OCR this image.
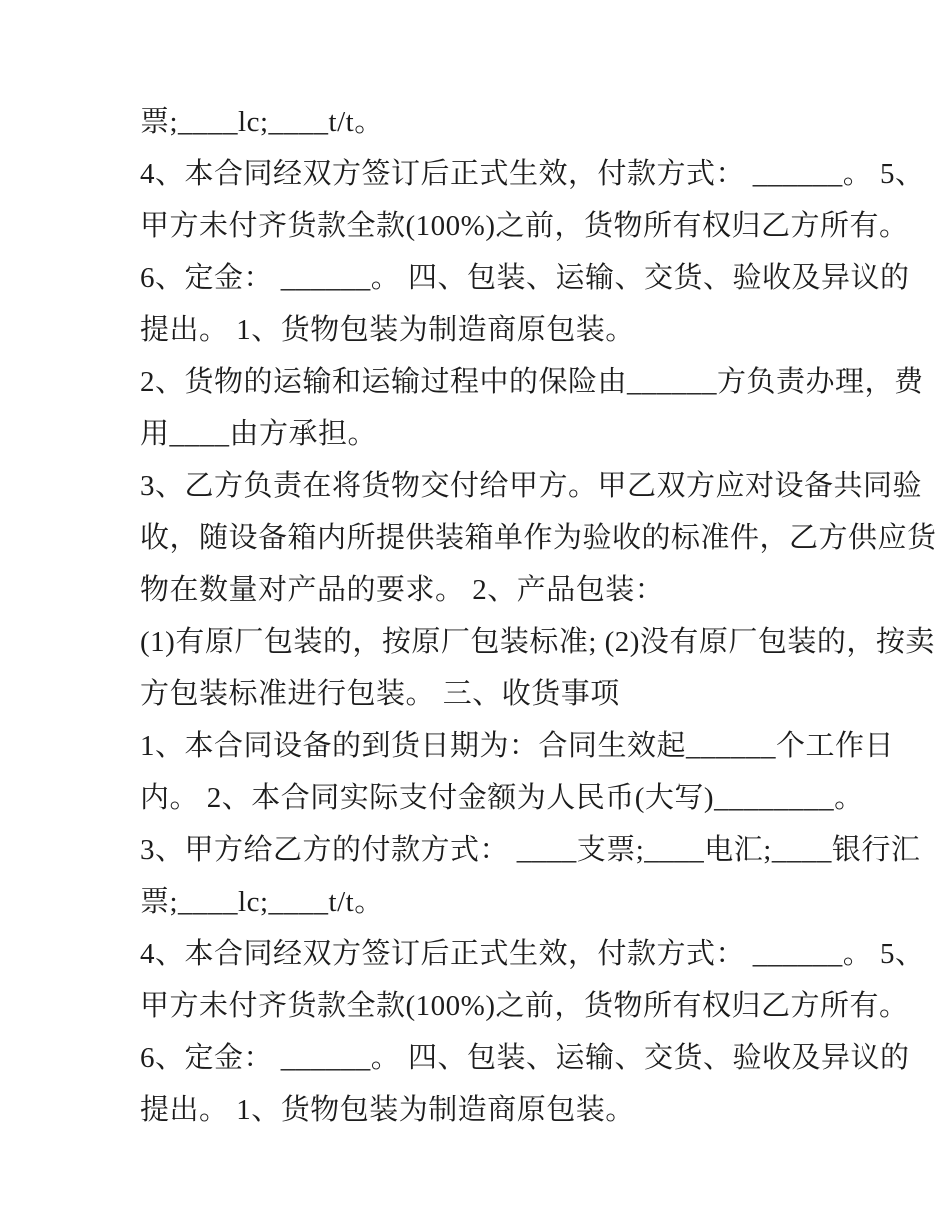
票;____lc;____t/t。
4、本合同经双方签订后正式生效，付款方式： ______。 5、
甲方未付齐货款全款(100%)之前，货物所有权归乙方所有。
6、定金： ______。 四、包装、运输、交货、验收及异议的
提出。 1、货物包装为制造商原包装。
2、货物的运输和运输过程中的保险由______方负责办理，费
用____由方承担。
3、乙方负责在将货物交付给甲方。甲乙双方应对设备共同验
收，随设备箱内所提供装箱单作为验收的标准件，乙方供应货
物在数量对产品的要求。 2、产品包装：
(1)有原厂包装的，按原厂包装标准; (2)没有原厂包装的，按卖
方包装标准进行包装。 三、收货事项
1、本合同设备的到货日期为：合同生效起______个工作日
内。 2、本合同实际支付金额为人民币(大写)________。
3、甲方给乙方的付款方式： ____支票;____电汇;____银行汇
票;____lc;____t/t。
4、本合同经双方签订后正式生效，付款方式： ______。 5、
甲方未付齐货款全款(100%)之前，货物所有权归乙方所有。
6、定金： ______。 四、包装、运输、交货、验收及异议的
提出。 1、货物包装为制造商原包装。
